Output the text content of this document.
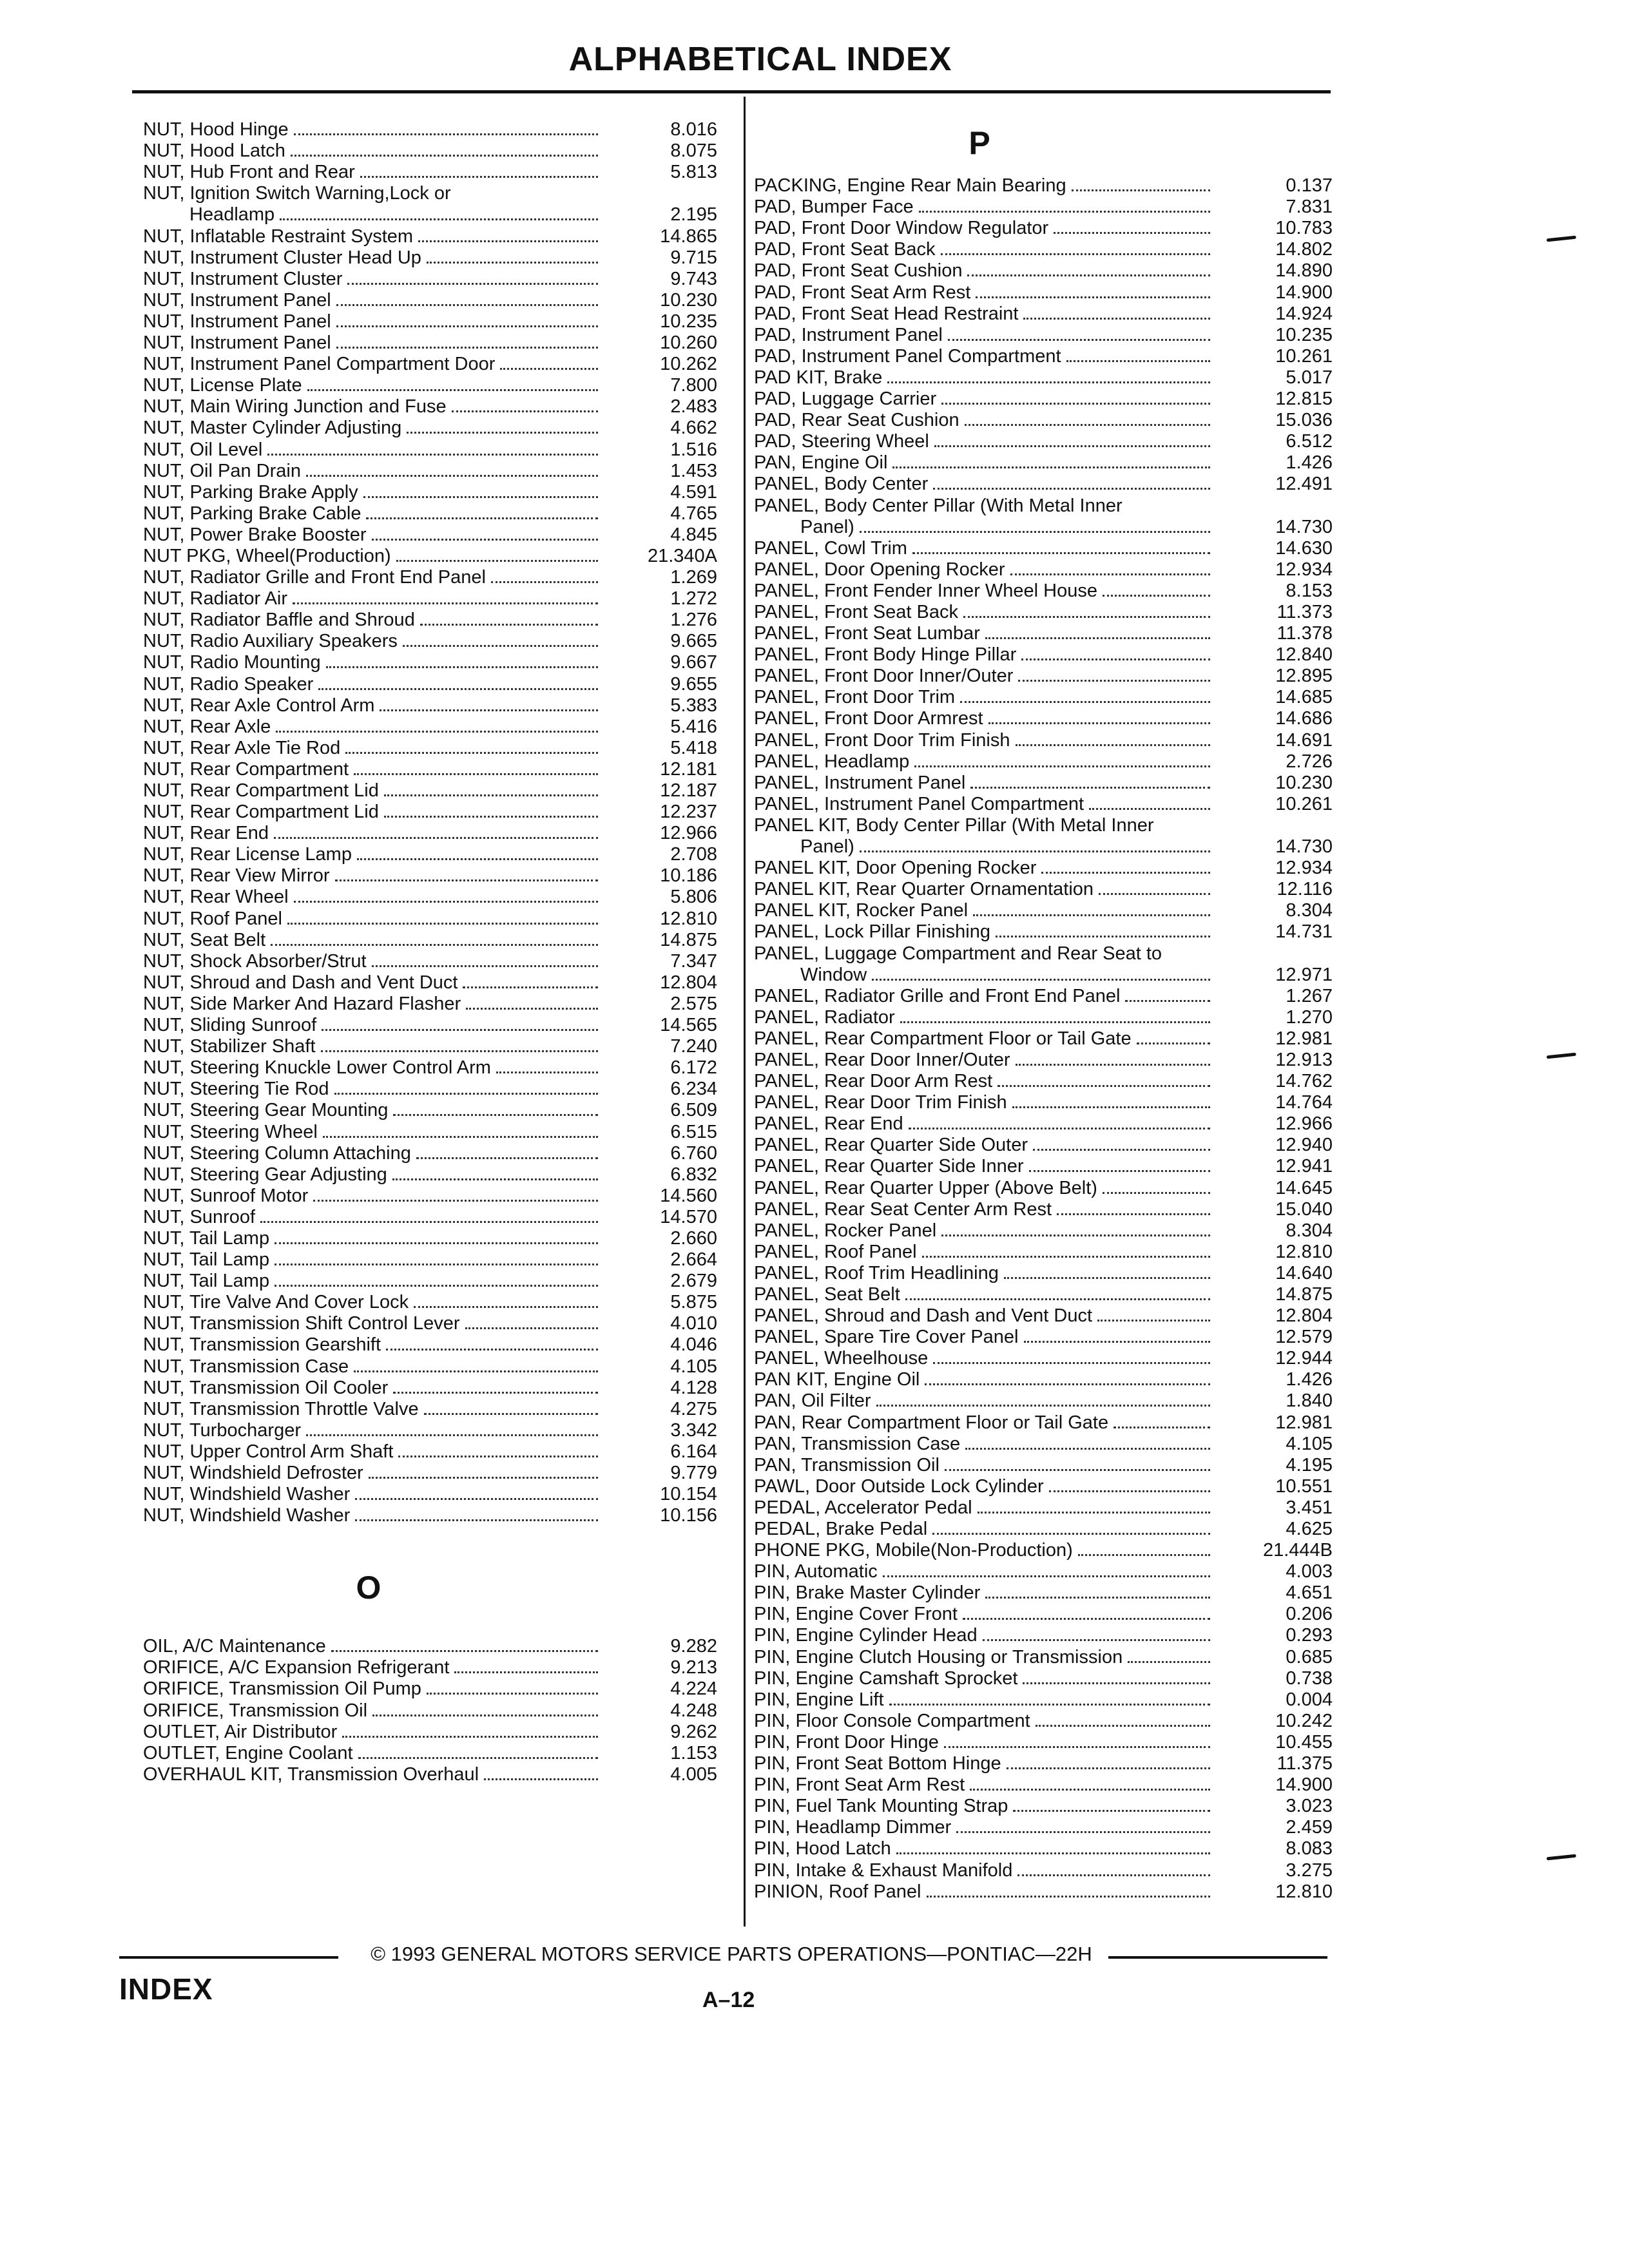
ALPHABETICAL INDEX
NUT, Hood Hinge	8.016
NUT, Hood Latch	8.075
NUT, Hub Front and Rear	5.813
NUT, Ignition Switch Warning,Lock or
Headlamp	2.195
NUT, Inflatable Restraint System	14.865
NUT, Instrument Cluster Head Up	9.715
NUT, Instrument Cluster	9.743
NUT, Instrument Panel	10.230
NUT, Instrument Panel	10.235
NUT, Instrument Panel	10.260
NUT, Instrument Panel Compartment Door	10.262
NUT, License Plate	7.800
NUT, Main Wiring Junction and Fuse	2.483
NUT, Master Cylinder Adjusting	4.662
NUT, Oil Level	1.516
NUT, Oil Pan Drain	1.453
NUT, Parking Brake Apply	4.591
NUT, Parking Brake Cable	4.765
NUT, Power Brake Booster	4.845
NUT PKG, Wheel(Production)	21.340A
NUT, Radiator Grille and Front End Panel	1.269
NUT, Radiator Air	1.272
NUT, Radiator Baffle and Shroud	1.276
NUT, Radio Auxiliary Speakers	9.665
NUT, Radio Mounting	9.667
NUT, Radio Speaker	9.655
NUT, Rear Axle Control Arm	5.383
NUT, Rear Axle	5.416
NUT, Rear Axle Tie Rod	5.418
NUT, Rear Compartment	12.181
NUT, Rear Compartment Lid	12.187
NUT, Rear Compartment Lid	12.237
NUT, Rear End	12.966
NUT, Rear License Lamp	2.708
NUT, Rear View Mirror	10.186
NUT, Rear Wheel	5.806
NUT, Roof Panel	12.810
NUT, Seat Belt	14.875
NUT, Shock Absorber/Strut	7.347
NUT, Shroud and Dash and Vent Duct	12.804
NUT, Side Marker And Hazard Flasher	2.575
NUT, Sliding Sunroof	14.565
NUT, Stabilizer Shaft	7.240
NUT, Steering Knuckle Lower Control Arm	6.172
NUT, Steering Tie Rod	6.234
NUT, Steering Gear Mounting	6.509
NUT, Steering Wheel	6.515
NUT, Steering Column Attaching	6.760
NUT, Steering Gear Adjusting	6.832
NUT, Sunroof Motor	14.560
NUT, Sunroof	14.570
NUT, Tail Lamp	2.660
NUT, Tail Lamp	2.664
NUT, Tail Lamp	2.679
NUT, Tire Valve And Cover Lock	5.875
NUT, Transmission Shift Control Lever	4.010
NUT, Transmission Gearshift	4.046
NUT, Transmission Case	4.105
NUT, Transmission Oil Cooler	4.128
NUT, Transmission Throttle Valve	4.275
NUT, Turbocharger	3.342
NUT, Upper Control Arm Shaft	6.164
NUT, Windshield Defroster	9.779
NUT, Windshield Washer	10.154
NUT, Windshield Washer	10.156
O
OIL, A/C Maintenance	9.282
ORIFICE, A/C Expansion Refrigerant	9.213
ORIFICE, Transmission Oil Pump	4.224
ORIFICE, Transmission Oil	4.248
OUTLET, Air Distributor	9.262
OUTLET, Engine Coolant	1.153
OVERHAUL KIT, Transmission Overhaul	4.005
P
PACKING, Engine Rear Main Bearing	0.137
PAD, Bumper Face	7.831
PAD, Front Door Window Regulator	10.783
PAD, Front Seat Back	14.802
PAD, Front Seat Cushion	14.890
PAD, Front Seat Arm Rest	14.900
PAD, Front Seat Head Restraint	14.924
PAD, Instrument Panel	10.235
PAD, Instrument Panel Compartment	10.261
PAD KIT, Brake	5.017
PAD, Luggage Carrier	12.815
PAD, Rear Seat Cushion	15.036
PAD, Steering Wheel	6.512
PAN, Engine Oil	1.426
PANEL, Body Center	12.491
PANEL, Body Center Pillar (With Metal Inner
Panel)	14.730
PANEL, Cowl Trim	14.630
PANEL, Door Opening Rocker	12.934
PANEL, Front Fender Inner Wheel House	8.153
PANEL, Front Seat Back	11.373
PANEL, Front Seat Lumbar	11.378
PANEL, Front Body Hinge Pillar	12.840
PANEL, Front Door Inner/Outer	12.895
PANEL, Front Door Trim	14.685
PANEL, Front Door Armrest	14.686
PANEL, Front Door Trim Finish	14.691
PANEL, Headlamp	2.726
PANEL, Instrument Panel	10.230
PANEL, Instrument Panel Compartment	10.261
PANEL KIT, Body Center Pillar (With Metal Inner
Panel)	14.730
PANEL KIT, Door Opening Rocker	12.934
PANEL KIT, Rear Quarter Ornamentation	12.116
PANEL KIT, Rocker Panel	8.304
PANEL, Lock Pillar Finishing	14.731
PANEL, Luggage Compartment and Rear Seat to
Window	12.971
PANEL, Radiator Grille and Front End Panel	1.267
PANEL, Radiator	1.270
PANEL, Rear Compartment Floor or Tail Gate	12.981
PANEL, Rear Door Inner/Outer	12.913
PANEL, Rear Door Arm Rest	14.762
PANEL, Rear Door Trim Finish	14.764
PANEL, Rear End	12.966
PANEL, Rear Quarter Side Outer	12.940
PANEL, Rear Quarter Side Inner	12.941
PANEL, Rear Quarter Upper (Above Belt)	14.645
PANEL, Rear Seat Center Arm Rest	15.040
PANEL, Rocker Panel	8.304
PANEL, Roof Panel	12.810
PANEL, Roof Trim Headlining	14.640
PANEL, Seat Belt	14.875
PANEL, Shroud and Dash and Vent Duct	12.804
PANEL, Spare Tire Cover Panel	12.579
PANEL, Wheelhouse	12.944
PAN KIT, Engine Oil	1.426
PAN, Oil Filter	1.840
PAN, Rear Compartment Floor or Tail Gate	12.981
PAN, Transmission Case	4.105
PAN, Transmission Oil	4.195
PAWL, Door Outside Lock Cylinder	10.551
PEDAL, Accelerator Pedal	3.451
PEDAL, Brake Pedal	4.625
PHONE PKG, Mobile(Non-Production)	21.444B
PIN, Automatic	4.003
PIN, Brake Master Cylinder	4.651
PIN, Engine Cover Front	0.206
PIN, Engine Cylinder Head	0.293
PIN, Engine Clutch Housing or Transmission	0.685
PIN, Engine Camshaft Sprocket	0.738
PIN, Engine Lift	0.004
PIN, Floor Console Compartment	10.242
PIN, Front Door Hinge	10.455
PIN, Front Seat Bottom Hinge	11.375
PIN, Front Seat Arm Rest	14.900
PIN, Fuel Tank Mounting Strap	3.023
PIN, Headlamp Dimmer	2.459
PIN, Hood Latch	8.083
PIN, Intake & Exhaust Manifold	3.275
PINION, Roof Panel	12.810
© 1993 GENERAL MOTORS SERVICE PARTS OPERATIONS—PONTIAC—22H
INDEX	A–12
